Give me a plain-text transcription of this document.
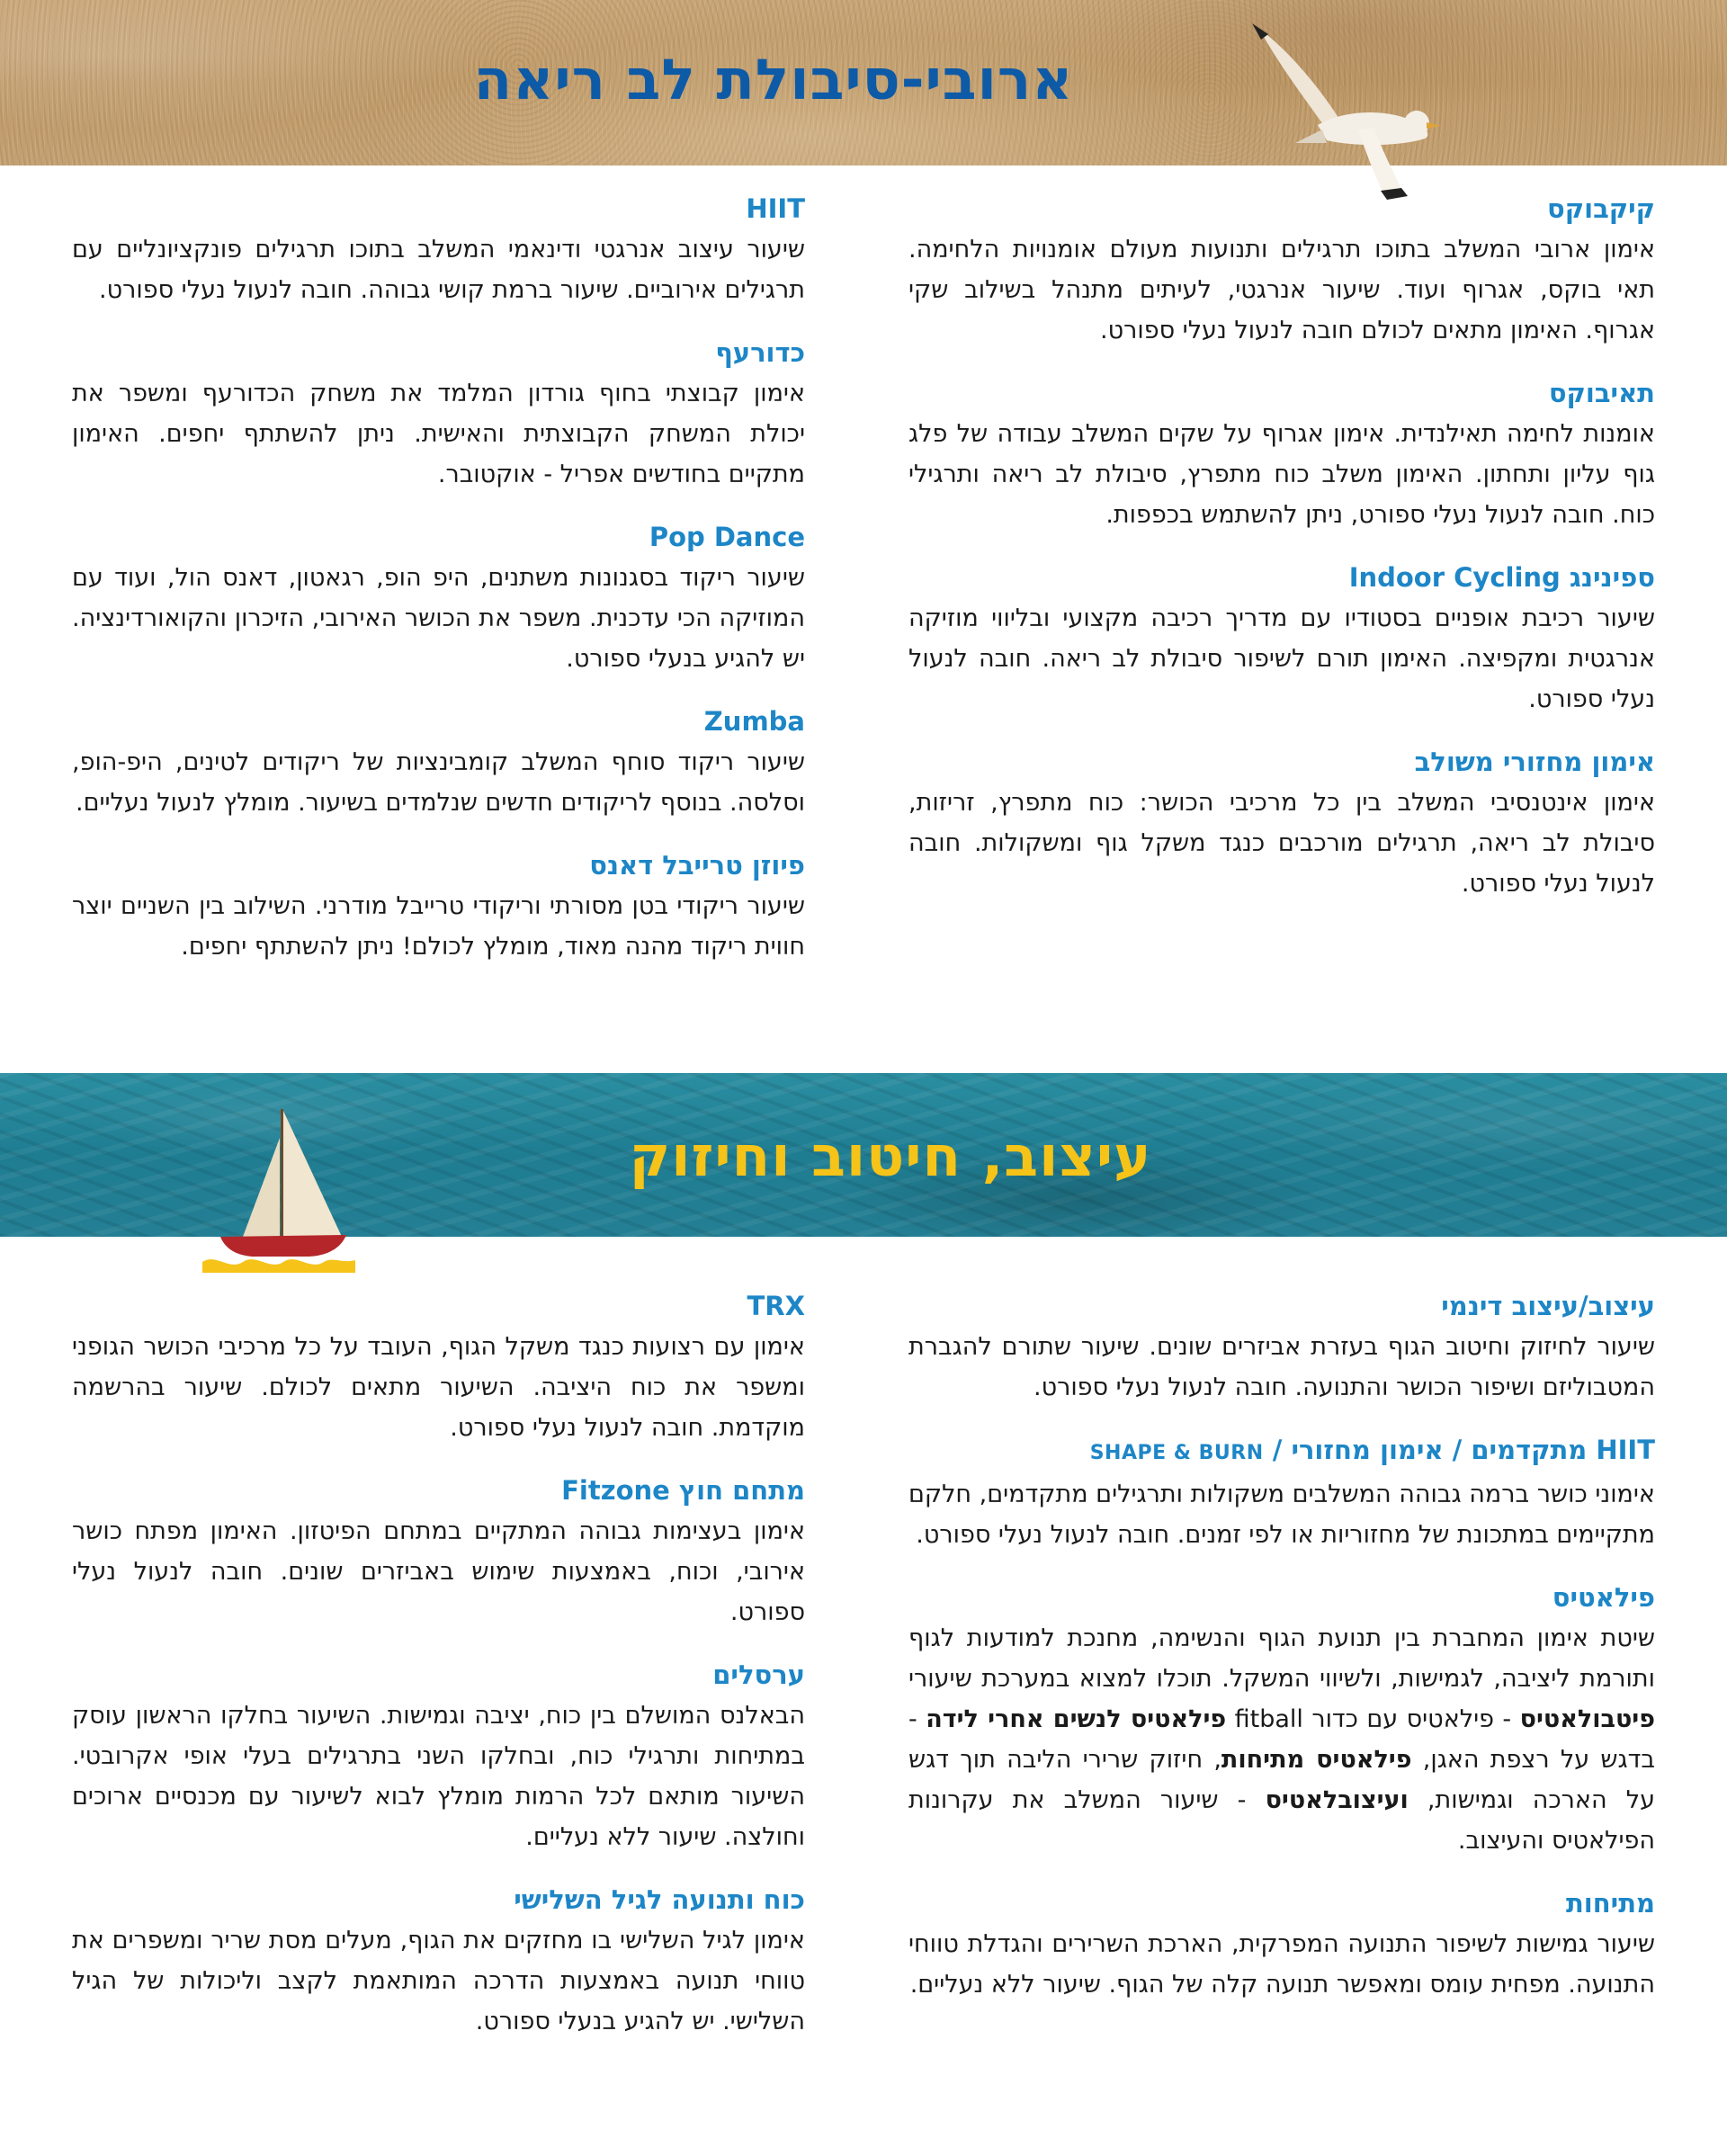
ארובי-סיבולת לב ריאה
קיקבוקס

אימון ארובי המשלב בתוכו תרגילים ותנועות מעולם אומנויות הלחימה. תאי בוקס, אגרוף ועוד. שיעור אנרגטי, לעיתים מתנהל בשילוב שקי אגרוף. האימון מתאים לכולם חובה לנעול נעלי ספורט.

תאיבוקס

אומנות לחימה תאילנדית. אימון אגרוף על שקים המשלב עבודה של פלג גוף עליון ותחתון. האימון משלב כוח מתפרץ, סיבולת לב ריאה ותרגילי כוח. חובה לנעול נעלי ספורט, ניתן להשתמש בכפפות.

ספינינג Indoor Cycling

שיעור רכיבת אופניים בסטודיו עם מדריך רכיבה מקצועי ובליווי מוזיקה אנרגטית ומקפיצה. האימון תורם לשיפור סיבולת לב ריאה. חובה לנעול נעלי ספורט.

אימון מחזורי משולב

אימון אינטנסיבי המשלב בין כל מרכיבי הכושר: כוח מתפרץ, זריזות, סיבולת לב ריאה, תרגילים מורכבים כנגד משקל גוף ומשקולות. חובה לנעול נעלי ספורט.

HIIT

שיעור עיצוב אנרגטי ודינאמי המשלב בתוכו תרגילים פונקציונליים עם תרגילים אירוביים. שיעור ברמת קושי גבוהה. חובה לנעול נעלי ספורט.

כדורעף

אימון קבוצתי בחוף גורדון המלמד את משחק הכדורעף ומשפר את יכולת המשחק הקבוצתית והאישית. ניתן להשתתף יחפים. האימון מתקיים בחודשים אפריל - אוקטובר.

Pop Dance

שיעור ריקוד בסגנונות משתנים, היפ הופ, רגאטון, דאנס הול, ועוד עם המוזיקה הכי עדכנית. משפר את הכושר האירובי, הזיכרון והקואורדינציה. יש להגיע בנעלי ספורט.

Zumba

שיעור ריקוד סוחף המשלב קומבינציות של ריקודים לטינים, היפ-הופ, וסלסה. בנוסף לריקודים חדשים שנלמדים בשיעור. מומלץ לנעול נעליים.

פיוזן טרייבל דאנס

שיעור ריקודי בטן מסורתי וריקודי טרייבל מודרני. השילוב בין השניים יוצר חווית ריקוד מהנה מאוד, מומלץ לכולם! ניתן להשתתף יחפים.

עיצוב, חיטוב וחיזוק
עיצוב/עיצוב דינמי

שיעור לחיזוק וחיטוב הגוף בעזרת אביזרים שונים. שיעור שתורם להגברת המטבוליזם ושיפור הכושר והתנועה. חובה לנעול נעלי ספורט.

HIIT מתקדמים / אימון מחזורי / SHAPE & BURN

אימוני כושר ברמה גבוהה המשלבים משקולות ותרגילים מתקדמים, חלקם מתקיימים במתכונת של מחזוריות או לפי זמנים. חובה לנעול נעלי ספורט.

פילאטיס

שיטת אימון המחברת בין תנועת הגוף והנשימה, מחנכת למודעות לגוף ותורמת ליציבה, לגמישות, ולשיווי המשקל. תוכלו למצוא במערכת שיעורי פיטבולאטיס - פילאטיס עם כדור fitball פילאטיס לנשים אחרי לידה - בדגש על רצפת האגן, פילאטיס מתיחות, חיזוק שרירי הליבה תוך דגש על הארכה וגמישות, ועיצובלאטיס - שיעור המשלב את עקרונות הפילאטיס והעיצוב.

מתיחות

שיעור גמישות לשיפור התנועה המפרקית, הארכת השרירים והגדלת טווחי התנועה. מפחית עומס ומאפשר תנועה קלה של הגוף. שיעור ללא נעליים.

TRX

אימון עם רצועות כנגד משקל הגוף, העובד על כל מרכיבי הכושר הגופני ומשפר את כוח היציבה. השיעור מתאים לכולם. שיעור בהרשמה מוקדמת. חובה לנעול נעלי ספורט.

מתחם חוץ Fitzone

אימון בעצימות גבוהה המתקיים במתחם הפיטזון. האימון מפתח כושר אירובי, וכוח, באמצעות שימוש באביזרים שונים. חובה לנעול נעלי ספורט.

ערסלים

הבאלנס המושלם בין כוח, יציבה וגמישות. השיעור בחלקו הראשון עוסק במתיחות ותרגילי כוח, ובחלקו השני בתרגילים בעלי אופי אקרובטי. השיעור מותאם לכל הרמות מומלץ לבוא לשיעור עם מכנסיים ארוכים וחולצה. שיעור ללא נעליים.

כוח ותנועה לגיל השלישי

אימון לגיל השלישי בו מחזקים את הגוף, מעלים מסת שריר ומשפרים את טווחי תנועה באמצעות הדרכה המותאמת לקצב וליכולות של הגיל השלישי. יש להגיע בנעלי ספורט.
